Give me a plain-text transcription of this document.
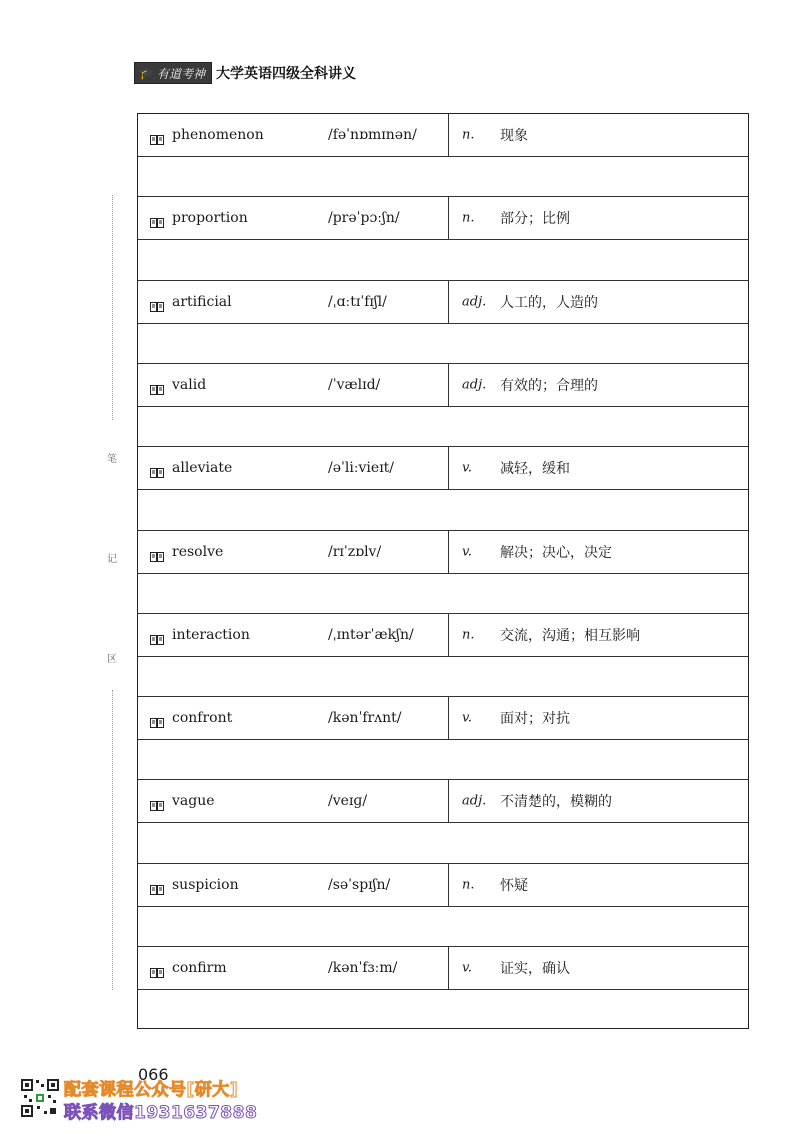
🎓 有道考神 大学英语四级全科讲义
笔
记
区
phenomenon	/fəˈnɒmɪnən/	n. 现象
proportion	/prəˈpɔːʃn/	n. 部分；比例
artificial	/ˌɑːtɪˈfɪʃl/	adj. 人工的，人造的
valid	/ˈvælɪd/	adj. 有效的；合理的
alleviate	/əˈliːvieɪt/	v. 减轻，缓和
resolve	/rɪˈzɒlv/	v. 解决；决心，决定
interaction	/ˌɪntərˈækʃn/	n. 交流，沟通；相互影响
confront	/kənˈfrʌnt/	v. 面对；对抗
vague	/veɪɡ/	adj. 不清楚的，模糊的
suspicion	/səˈspɪʃn/	n. 怀疑
confirm	/kənˈfɜːm/	v. 证实，确认
066
配套课程公众号[研大]
联系微信1931637888
